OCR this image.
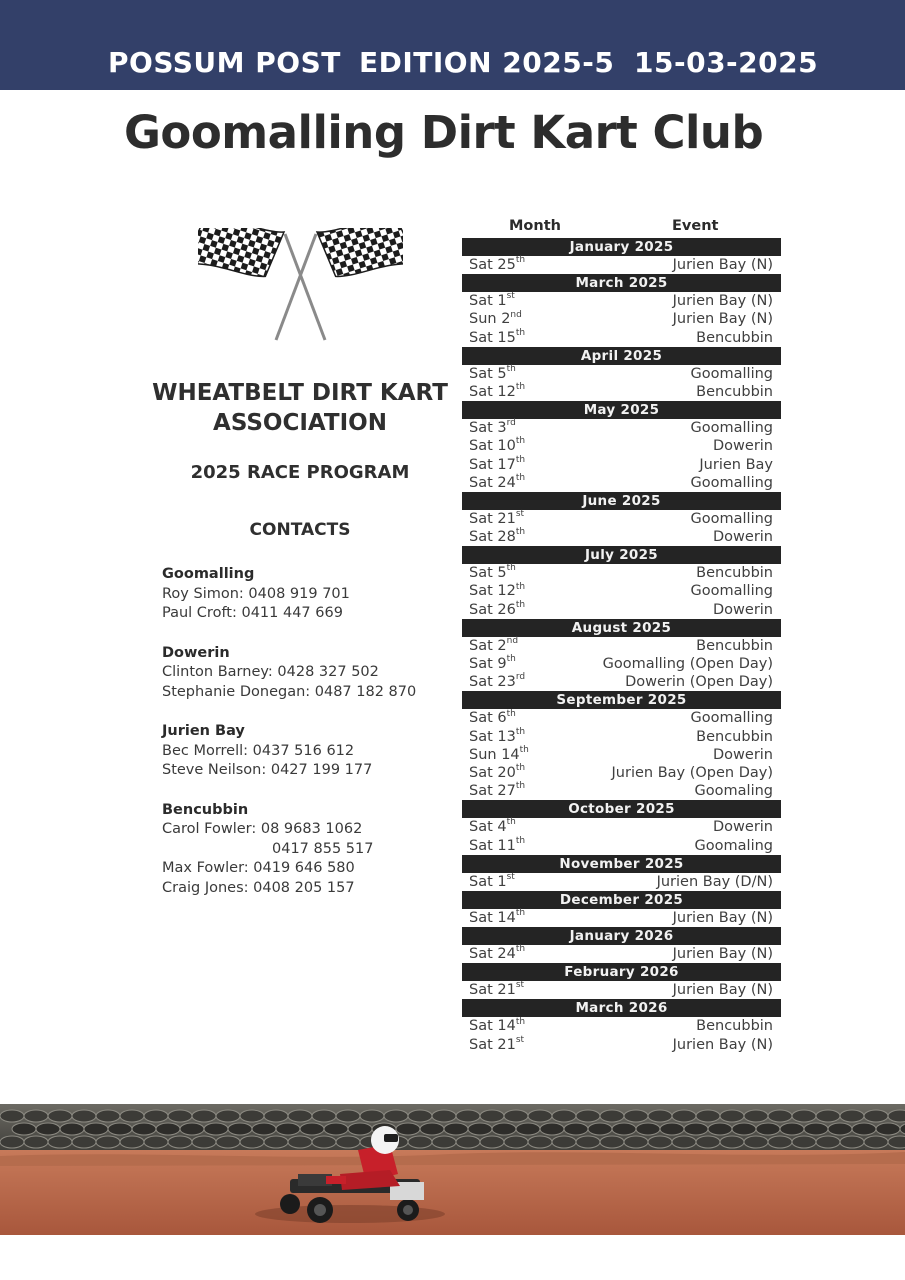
POSSUM POST EDITION 2025-5 15-03-2025
Goomalling Dirt Kart Club
WHEATBELT DIRT KART
ASSOCIATION
2025 RACE PROGRAM
CONTACTS
Goomalling
Roy Simon: 0408 919 701
Paul Croft: 0411 447 669
Dowerin
Clinton Barney: 0428 327 502
Stephanie Donegan: 0487 182 870
Jurien Bay
Bec Morrell: 0437 516 612
Steve Neilson: 0427 199 177
Bencubbin
Carol Fowler: 08 9683 1062
0417 855 517
Max Fowler: 0419 646 580
Craig Jones: 0408 205 157
Month	Event
January 2025
Sat 25th	Jurien Bay (N)
March 2025
Sat 1st	Jurien Bay (N)
Sun 2nd	Jurien Bay (N)
Sat 15th	Bencubbin
April 2025
Sat 5th	Goomalling
Sat 12th	Bencubbin
May 2025
Sat 3rd	Goomalling
Sat 10th	Dowerin
Sat 17th	Jurien Bay
Sat 24th	Goomalling
June 2025
Sat 21st	Goomalling
Sat 28th	Dowerin
July 2025
Sat 5th	Bencubbin
Sat 12th	Goomalling
Sat 26th	Dowerin
August 2025
Sat 2nd	Bencubbin
Sat 9th	Goomalling (Open Day)
Sat 23rd	Dowerin (Open Day)
September 2025
Sat 6th	Goomalling
Sat 13th	Bencubbin
Sun 14th	Dowerin
Sat 20th	Jurien Bay (Open Day)
Sat 27th	Goomaling
October 2025
Sat 4th	Dowerin
Sat 11th	Goomaling
November 2025
Sat 1st	Jurien Bay (D/N)
December 2025
Sat 14th	Jurien Bay (N)
January 2026
Sat 24th	Jurien Bay (N)
February 2026
Sat 21st	Jurien Bay (N)
March 2026
Sat 14th	Bencubbin
Sat 21st	Jurien Bay (N)
